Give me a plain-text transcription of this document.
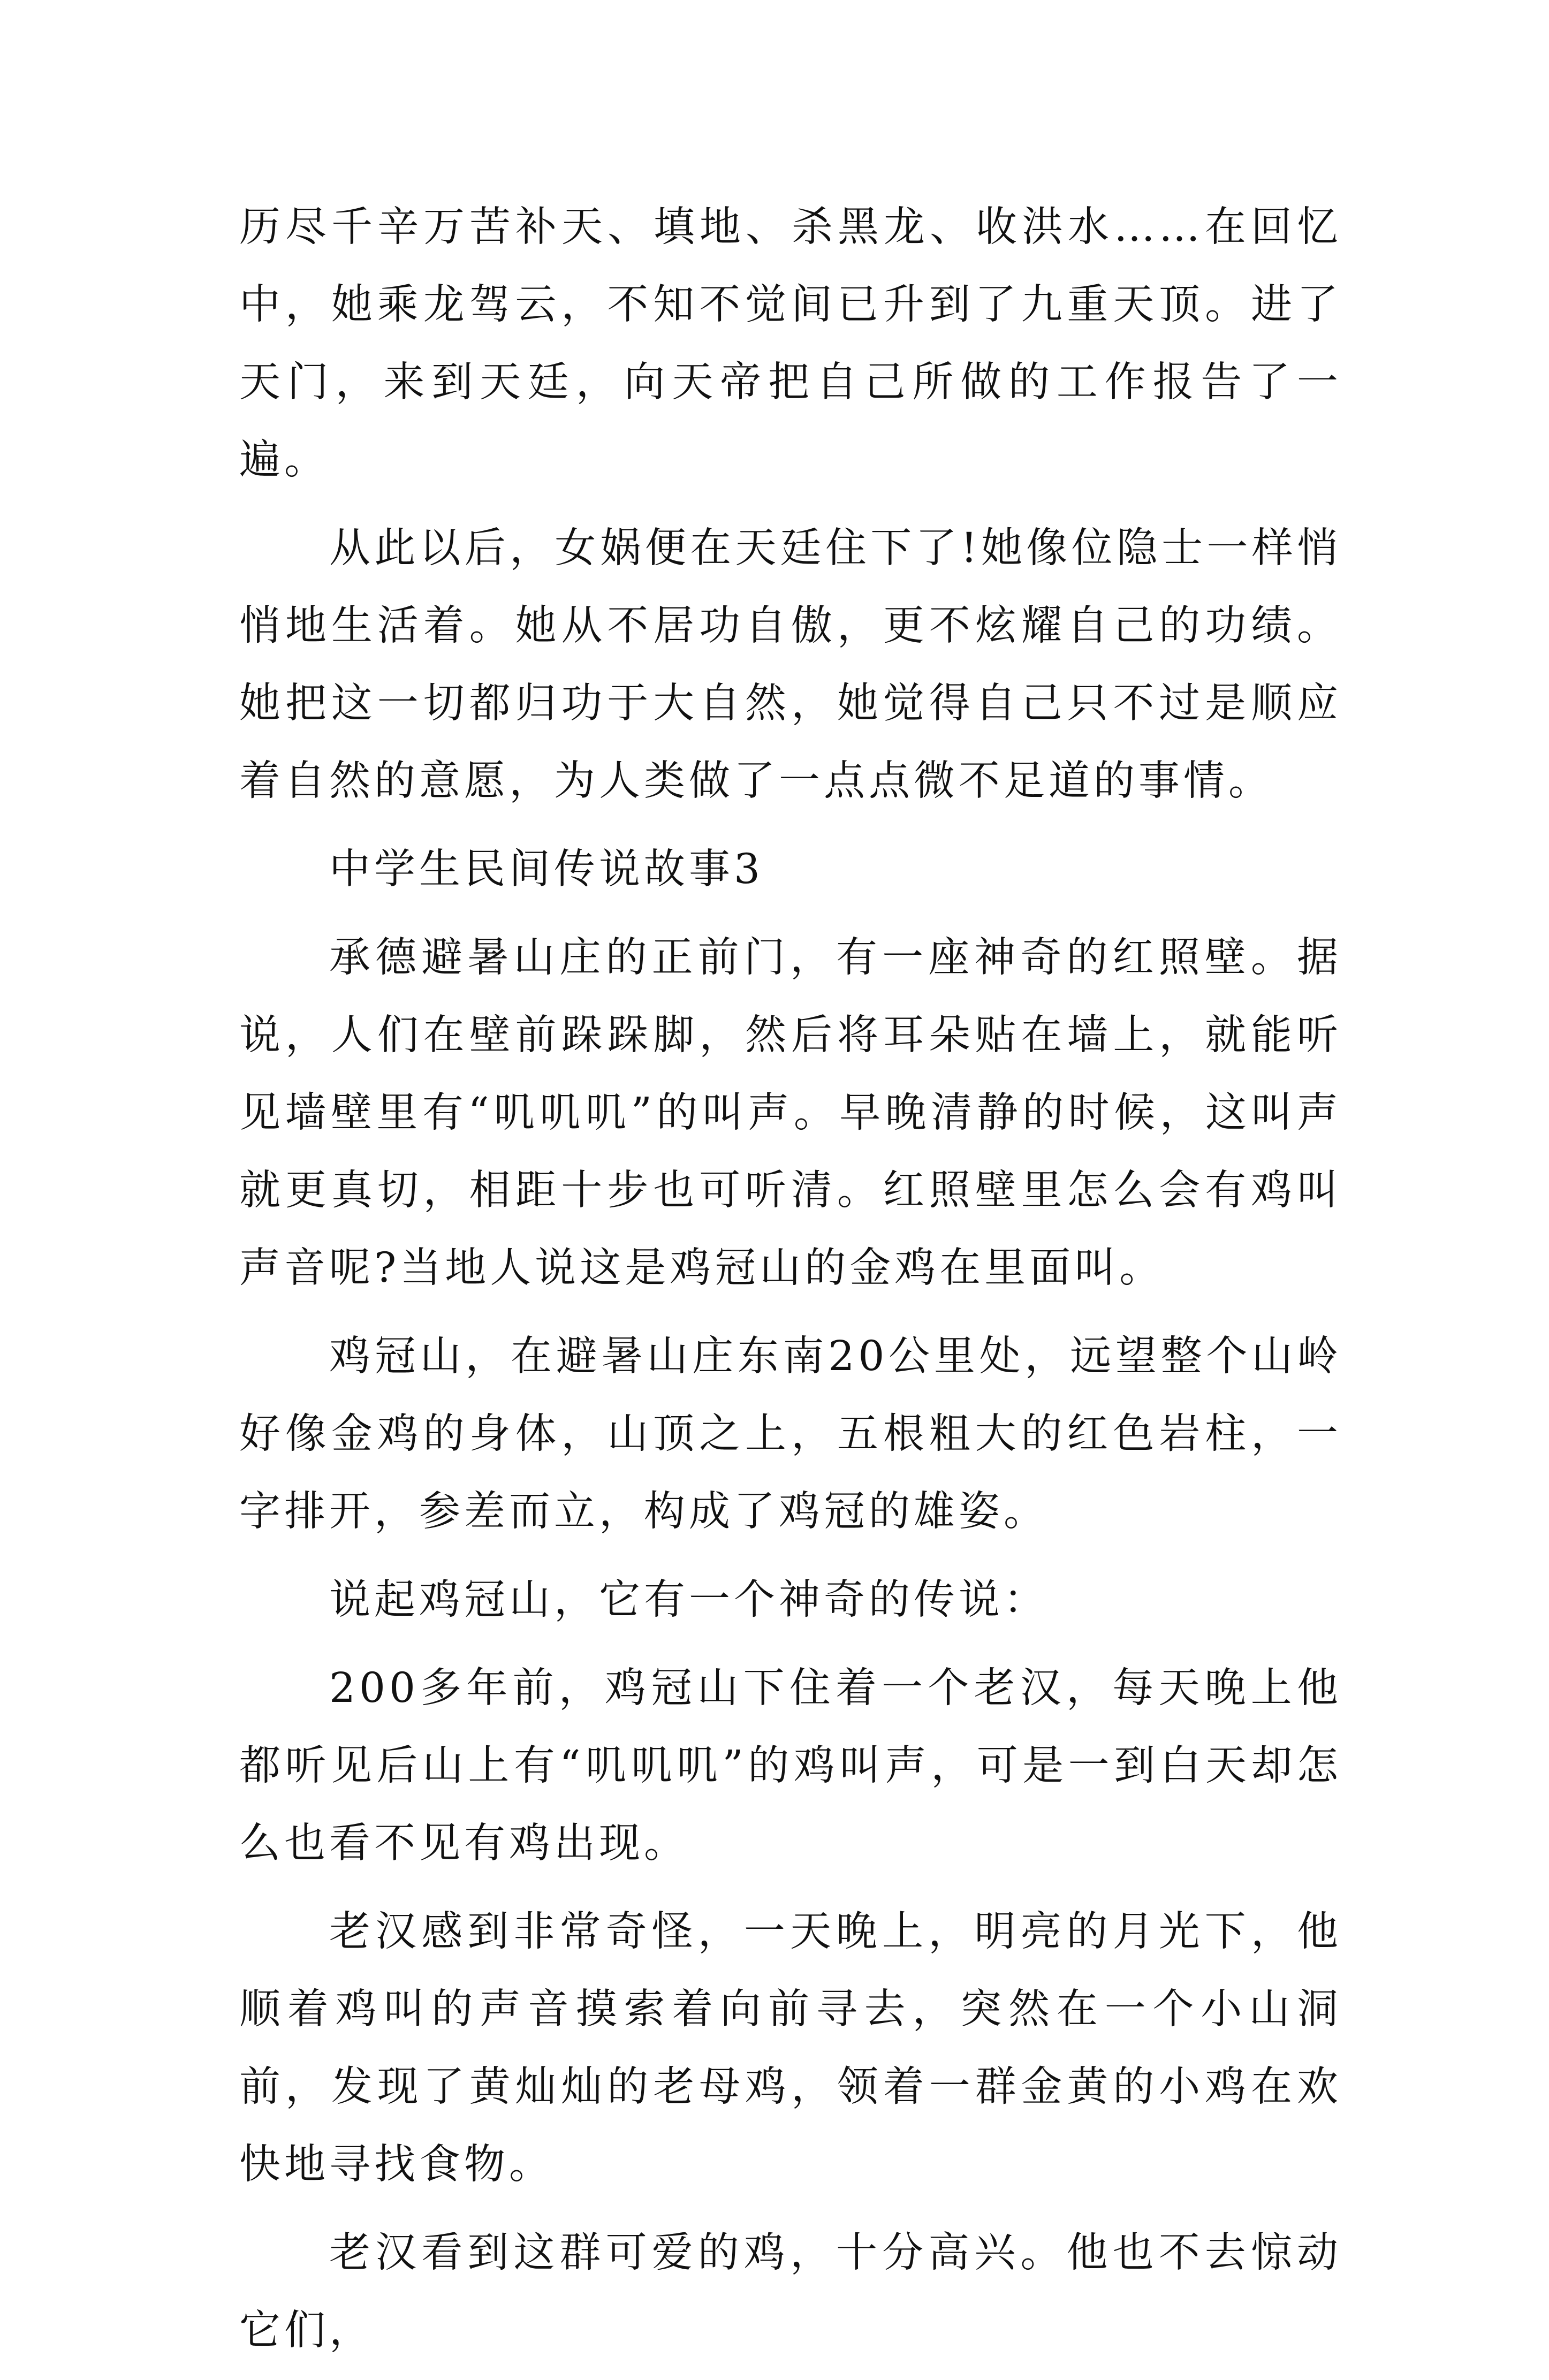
历尽千辛万苦补天、填地、杀黑龙、收洪水……在回忆中，她乘龙驾云，不知不觉间已升到了九重天顶。进了天门，来到天廷，向天帝把自己所做的工作报告了一遍。

从此以后，女娲便在天廷住下了!她像位隐士一样悄悄地生活着。她从不居功自傲，更不炫耀自己的功绩。她把这一切都归功于大自然，她觉得自己只不过是顺应着自然的意愿，为人类做了一点点微不足道的事情。

中学生民间传说故事3

承德避暑山庄的正前门，有一座神奇的红照壁。据说，人们在壁前跺跺脚，然后将耳朵贴在墙上，就能听见墙壁里有“叽叽叽”的叫声。早晚清静的时候，这叫声就更真切，相距十步也可听清。红照壁里怎么会有鸡叫声音呢?当地人说这是鸡冠山的金鸡在里面叫。

鸡冠山，在避暑山庄东南20公里处，远望整个山岭好像金鸡的身体，山顶之上，五根粗大的红色岩柱，一字排开，参差而立，构成了鸡冠的雄姿。

说起鸡冠山，它有一个神奇的传说：

200多年前，鸡冠山下住着一个老汉，每天晚上他都听见后山上有“叽叽叽”的鸡叫声，可是一到白天却怎么也看不见有鸡出现。

老汉感到非常奇怪，一天晚上，明亮的月光下，他顺着鸡叫的声音摸索着向前寻去，突然在一个小山洞前，发现了黄灿灿的老母鸡，领着一群金黄的小鸡在欢快地寻找食物。

老汉看到这群可爱的鸡，十分高兴。他也不去惊动它们，
